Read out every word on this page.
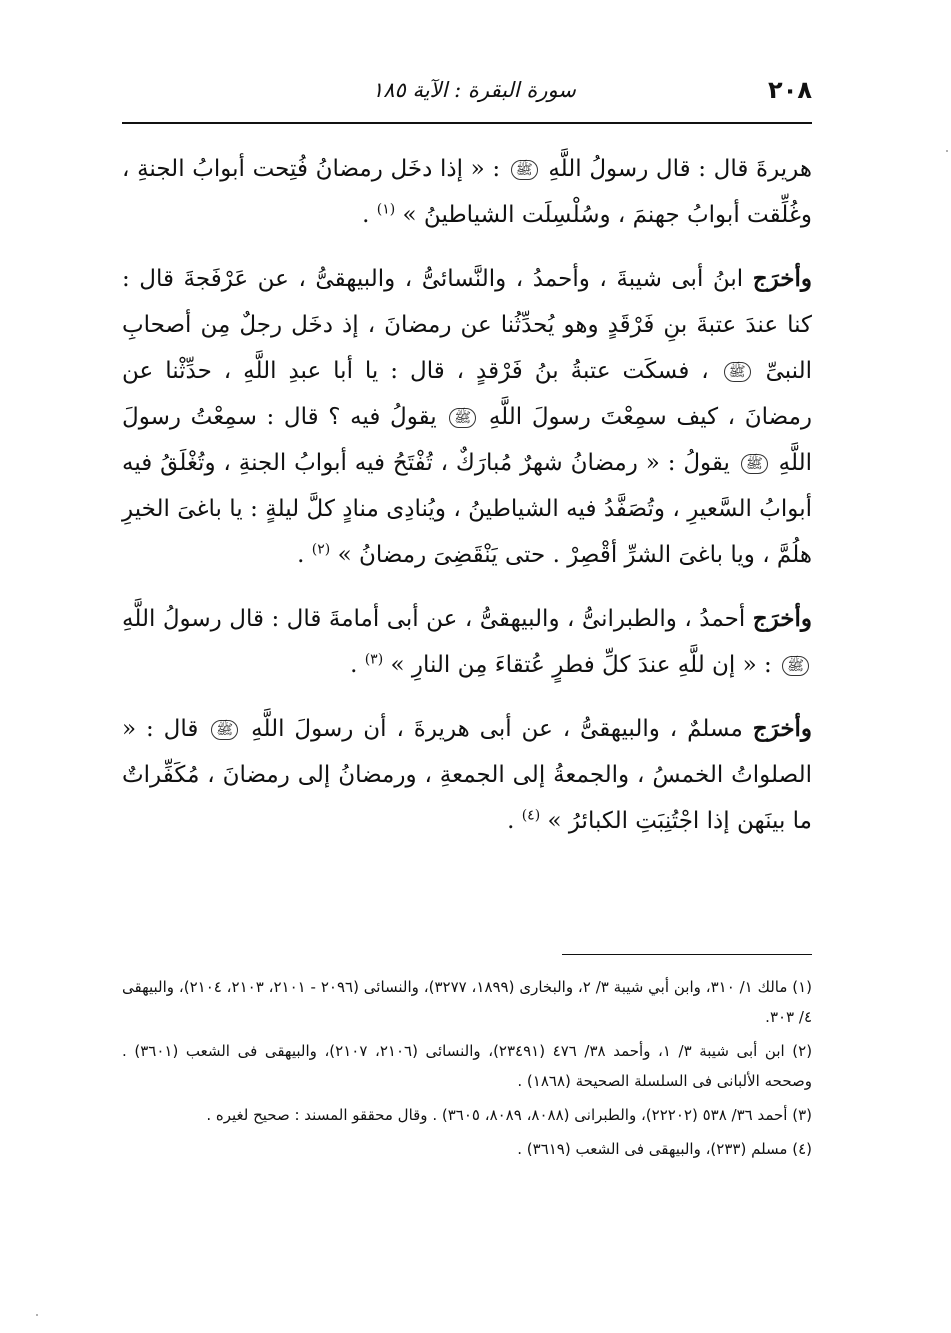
٢٠٨
سورة البقرة : الآية ١٨٥

هريرةَ قال : قال رسولُ اللَّهِ ﷺ : « إذا دخَل رمضانُ فُتِحت أبوابُ الجنةِ ، وغُلِّقت أبوابُ جهنمَ ، وسُلْسِلَت الشياطينُ » $^{(١)}$ .

وأخرَج ابنُ أبى شيبةَ ، وأحمدُ ، والنَّسائىُّ ، والبيهقىُّ ، عن عَرْفَجةَ قال : كنا عندَ عتبةَ بنِ فَرْقَدٍ وهو يُحدِّثُنا عن رمضانَ ، إذ دخَل رجلٌ مِن أصحابِ النبىِّ ﷺ ، فسكَت عتبةُ بنُ فَرْقدٍ ، قال : يا أبا عبدِ اللَّهِ ، حدِّثْنا عن رمضانَ ، كيف سمِعْتَ رسولَ اللَّهِ ﷺ يقولُ فيه ؟ قال : سمِعْتُ رسولَ اللَّهِ ﷺ يقولُ : « رمضانُ شهرٌ مُبارَكٌ ، تُفْتَحُ فيه أبوابُ الجنةِ ، وتُغْلَقُ فيه أبوابُ السَّعيرِ ، وتُصَفَّدُ فيه الشياطينُ ، ويُنادِى منادٍ كلَّ ليلةٍ : يا باغىَ الخيرِ هلُمَّ ، ويا باغىَ الشرِّ أقْصِرْ . حتى يَنْقَضِىَ رمضانُ » $^{(٢)}$ .

وأخرَج أحمدُ ، والطبرانىُّ ، والبيهقىُّ ، عن أبى أمامةَ قال : قال رسولُ اللَّهِ ﷺ : « إن للَّهِ عندَ كلِّ فطرٍ عُتقاءَ مِن النارِ » $^{(٣)}$ .

وأخرَج مسلمٌ ، والبيهقىُّ ، عن أبى هريرةَ ، أن رسولَ اللَّهِ ﷺ قال : « الصلواتُ الخمسُ ، والجمعةُ إلى الجمعةِ ، ورمضانُ إلى رمضانَ ، مُكَفِّراتٌ ما بينَهن إذا اجْتُنِبَتِ الكبائرُ » $^{(٤)}$ .

(١) مالك ١/ ٣١٠، وابن أبي شيبة ٣/ ٢، والبخارى (١٨٩٩، ٣٢٧٧)، والنسائى (٢٠٩٦ - ٢١٠١، ٢١٠٣، ٢١٠٤)، والبيهقى ٤/ ٣٠٣.

(٢) ابن أبى شيبة ٣/ ١، وأحمد ٣٨/ ٤٧٦ (٢٣٤٩١)، والنسائى (٢١٠٦، ٢١٠٧)، والبيهقى فى الشعب (٣٦٠١) . وصححه الألبانى فى السلسلة الصحيحة (١٨٦٨) .

(٣) أحمد ٣٦/ ٥٣٨ (٢٢٢٠٢)، والطبرانى (٨٠٨٨، ٨٠٨٩، ٣٦٠٥) . وقال محققو المسند : صحيح لغيره .

(٤) مسلم (٢٣٣)، والبيهقى فى الشعب (٣٦١٩) .
